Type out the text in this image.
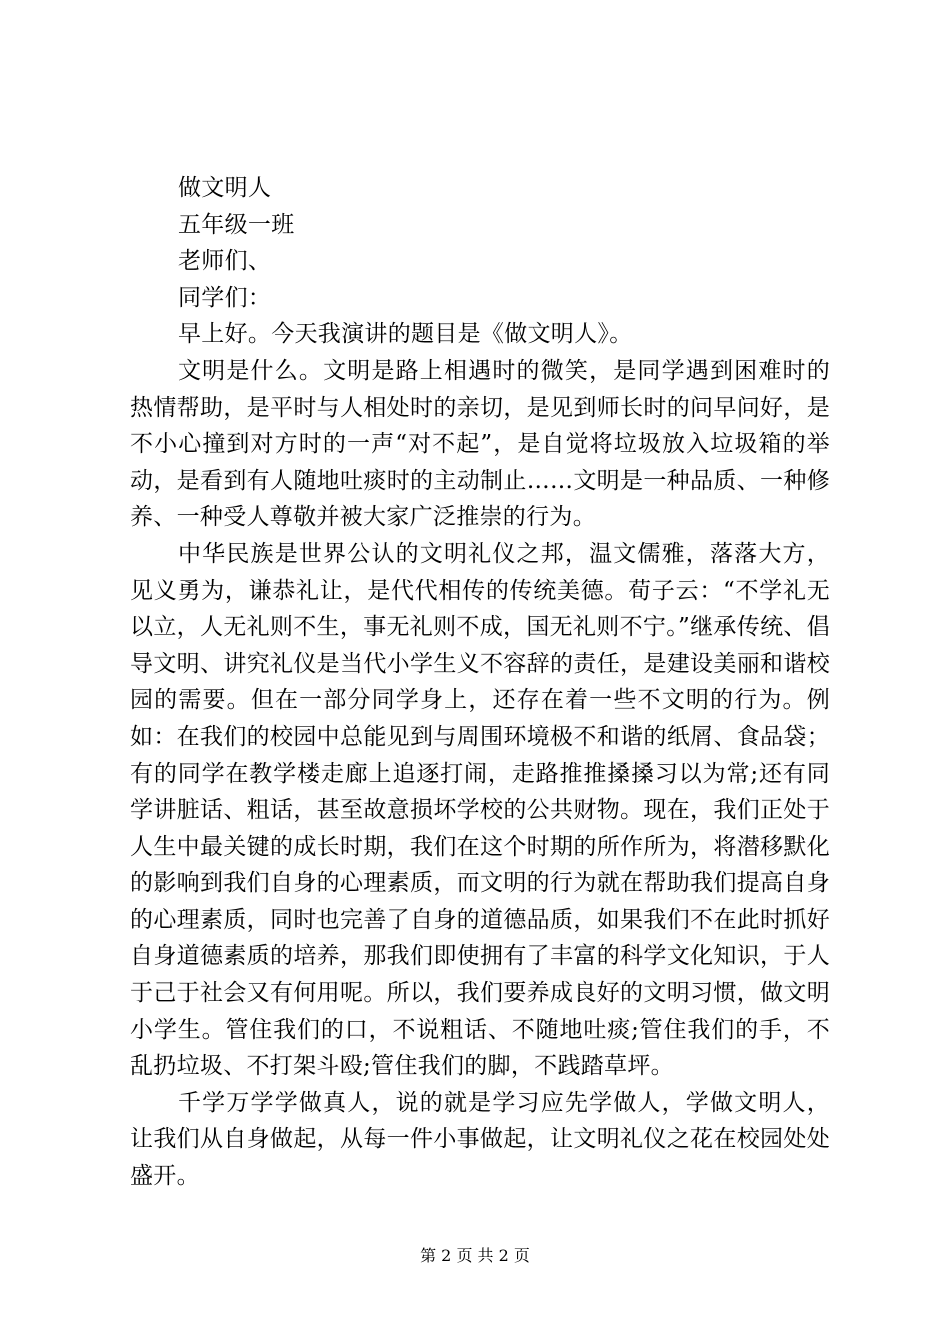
做文明人

五年级一班

老师们、

同学们：

早上好。今天我演讲的题目是《做文明人》。

文明是什么。文明是路上相遇时的微笑，是同学遇到困难时的热情帮助，是平时与人相处时的亲切，是见到师长时的问早问好，是不小心撞到对方时的一声“对不起”，是自觉将垃圾放入垃圾箱的举动，是看到有人随地吐痰时的主动制止……文明是一种品质、一种修养、一种受人尊敬并被大家广泛推崇的行为。

中华民族是世界公认的文明礼仪之邦，温文儒雅，落落大方，见义勇为，谦恭礼让，是代代相传的传统美德。荀子云：“不学礼无以立，人无礼则不生，事无礼则不成，国无礼则不宁。”继承传统、倡导文明、讲究礼仪是当代小学生义不容辞的责任，是建设美丽和谐校园的需要。但在一部分同学身上，还存在着一些不文明的行为。例如：在我们的校园中总能见到与周围环境极不和谐的纸屑、食品袋；有的同学在教学楼走廊上追逐打闹，走路推推搡搡习以为常;还有同学讲脏话、粗话，甚至故意损坏学校的公共财物。现在，我们正处于人生中最关键的成长时期，我们在这个时期的所作所为，将潜移默化的影响到我们自身的心理素质，而文明的行为就在帮助我们提高自身的心理素质，同时也完善了自身的道德品质，如果我们不在此时抓好自身道德素质的培养，那我们即使拥有了丰富的科学文化知识，于人于己于社会又有何用呢。所以，我们要养成良好的文明习惯，做文明小学生。管住我们的口，不说粗话、不随地吐痰;管住我们的手，不乱扔垃圾、不打架斗殴;管住我们的脚，不践踏草坪。

千学万学学做真人，说的就是学习应先学做人，学做文明人，让我们从自身做起，从每一件小事做起，让文明礼仪之花在校园处处盛开。

第 2 页 共 2 页
